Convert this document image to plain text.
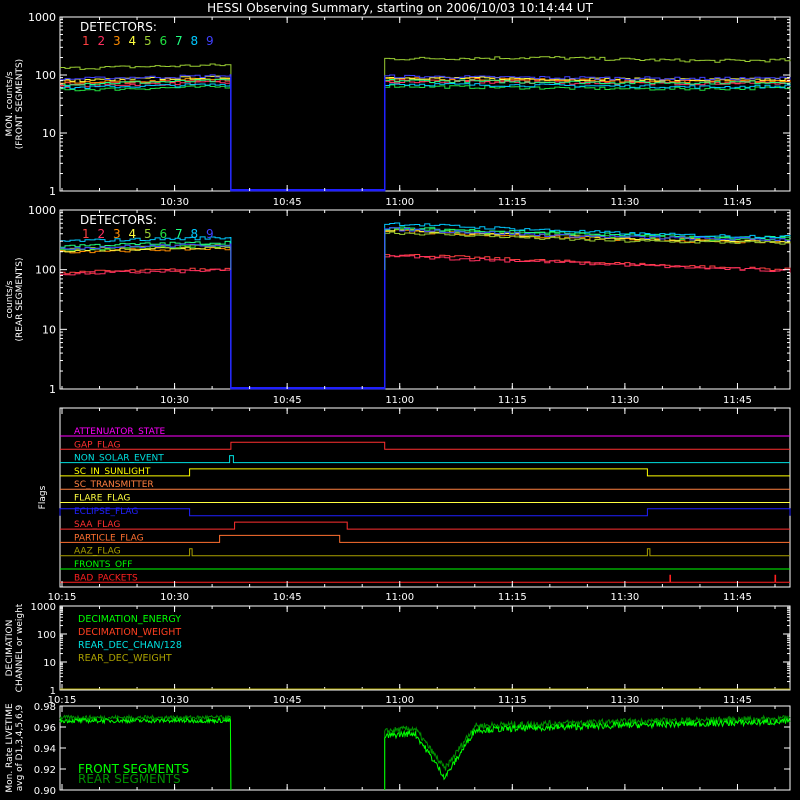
HESSI Observing Summary, starting on 2006/10/03 10:14:44 UT
1
10
100
1000
10:30	10:45	11:00	11:15	11:30	11:45
DETECTORS:
1 2 3 4 5 6 7 8 9
MON. counts/s (FRONT SEGMENTS)
1
10
100
1000
10:30	10:45	11:00	11:15	11:30	11:45
DETECTORS:
1 2 3 4 5 6 7 8 9
counts/s (REAR SEGMENTS)
ATTENUATOR_STATE
GAP_FLAG
NON_SOLAR_EVENT
SC_IN_SUNLIGHT
SC_TRANSMITTER
FLARE_FLAG
ECLIPSE_FLAG
SAA_FLAG
PARTICLE_FLAG
AAZ_FLAG
FRONTS_OFF
BAD_PACKETS
10:15	10:30	10:45	11:00	11:15	11:30	11:45
Flags
1
10
100
1000
10:15	10:30	10:45	11:00	11:15	11:30	11:45
DECIMATION_ENERGY
DECIMATION_WEIGHT
REAR_DEC_CHAN/128
REAR_DEC_WEIGHT
DECIMATION CHANNEL or weight
0.90
0.92
0.94
0.96
0.98
FRONT SEGMENTS
REAR SEGMENTS
Mon. Rate LIVETIME avg of D1,3,4,5,6,9
